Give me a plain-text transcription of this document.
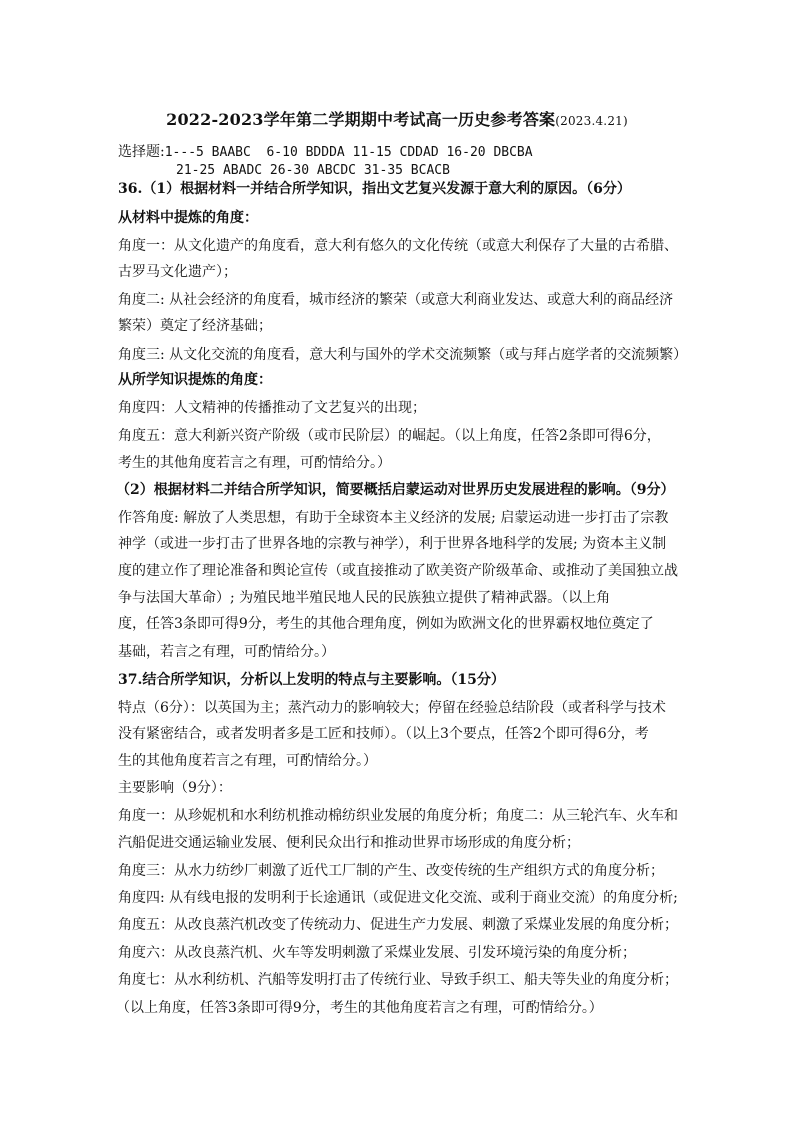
2022-2023学年第二学期期中考试高一历史参考答案(2023.4.21)
选择题:1---5 BAABC  6-10 BDDDA 11-15 CDDAD 16-20 DBCBA
21-25 ABADC 26-30 ABCDC 31-35 BCACB
36.（1）根据材料一并结合所学知识，指出文艺复兴发源于意大利的原因。（6分）
从材料中提炼的角度：
角度一：从文化遗产的角度看，意大利有悠久的文化传统（或意大利保存了大量的古希腊、
古罗马文化遗产）；
角度二: 从社会经济的角度看，城市经济的繁荣（或意大利商业发达、或意大利的商品经济
繁荣）奠定了经济基础；
角度三: 从文化交流的角度看，意大利与国外的学术交流频繁（或与拜占庭学者的交流频繁）
从所学知识提炼的角度：
角度四：人文精神的传播推动了文艺复兴的出现；
角度五：意大利新兴资产阶级（或市民阶层）的崛起。（以上角度，任答2条即可得6分，
考生的其他角度若言之有理，可酌情给分。）
（2）根据材料二并结合所学知识，简要概括启蒙运动对世界历史发展进程的影响。（9分）
作答角度: 解放了人类思想，有助于全球资本主义经济的发展; 启蒙运动进一步打击了宗教
神学（或进一步打击了世界各地的宗教与神学），利于世界各地科学的发展; 为资本主义制
度的建立作了理论准备和舆论宣传（或直接推动了欧美资产阶级革命、或推动了美国独立战
争与法国大革命）; 为殖民地半殖民地人民的民族独立提供了精神武器。（以上角
度，任答3条即可得9分，考生的其他合理角度，例如为欧洲文化的世界霸权地位奠定了
基础，若言之有理，可酌情给分。）
37.结合所学知识，分析以上发明的特点与主要影响。（15分）
特点（6分）：以英国为主；蒸汽动力的影响较大；停留在经验总结阶段（或者科学与技术
没有紧密结合，或者发明者多是工匠和技师）。（以上3个要点，任答2个即可得6分，考
生的其他角度若言之有理，可酌情给分。）
主要影响（9分）：
角度一：从珍妮机和水利纺机推动棉纺织业发展的角度分析；角度二：从三轮汽车、火车和
汽船促进交通运输业发展、便利民众出行和推动世界市场形成的角度分析；
角度三：从水力纺纱厂刺激了近代工厂制的产生、改变传统的生产组织方式的角度分析；
角度四: 从有线电报的发明利于长途通讯（或促进文化交流、或利于商业交流）的角度分析;
角度五：从改良蒸汽机改变了传统动力、促进生产力发展、刺激了采煤业发展的角度分析；
角度六：从改良蒸汽机、火车等发明刺激了采煤业发展、引发环境污染的角度分析；
角度七：从水利纺机、汽船等发明打击了传统行业、导致手织工、船夫等失业的角度分析；
（以上角度，任答3条即可得9分，考生的其他角度若言之有理，可酌情给分。）
